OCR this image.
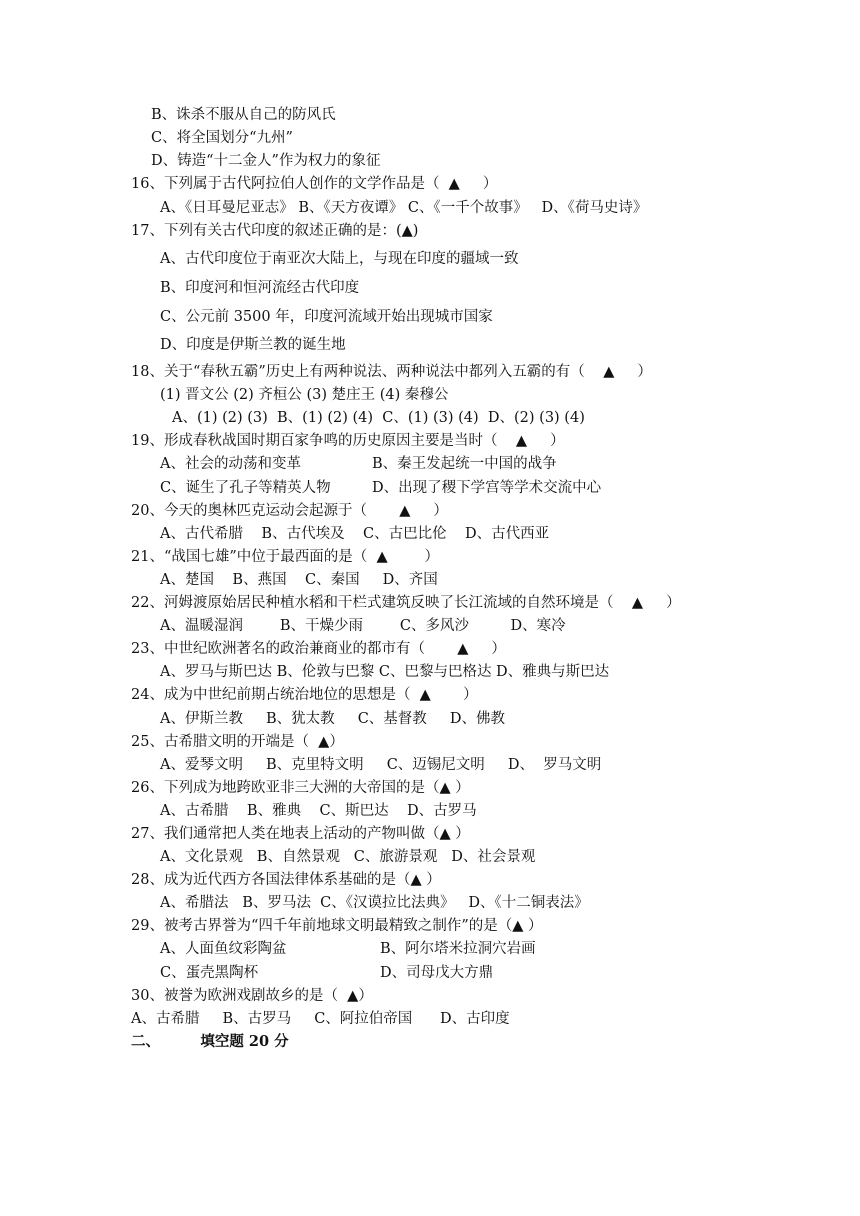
B、诛杀不服从自己的防风氏
C、将全国划分“九州”
D、铸造“十二金人”作为权力的象征
16、下列属于古代阿拉伯人创作的文学作品是（  ▲     ）
A、《日耳曼尼亚志》 B、《天方夜谭》 C、《一千个故事》   D、《荷马史诗》
17、下列有关古代印度的叙述正确的是：(▲)
A、古代印度位于南亚次大陆上，与现在印度的疆域一致
B、印度河和恒河流经古代印度
C、公元前 3500 年，印度河流域开始出现城市国家
D、印度是伊斯兰教的诞生地
18、关于“春秋五霸”历史上有两种说法、两种说法中都列入五霸的有（    ▲     ）
(1) 晋文公 (2) 齐桓公 (3) 楚庄王 (4) 秦穆公
A、(1) (2) (3)  B、(1) (2) (4)  C、(1) (3) (4)  D、(2) (3) (4)
19、形成春秋战国时期百家争鸣的历史原因主要是当时（    ▲     ）
A、社会的动荡和变革	B、秦王发起统一中国的战争
C、诞生了孔子等精英人物	D、出现了稷下学宫等学术交流中心
20、今天的奥林匹克运动会起源于（       ▲     ）
A、古代希腊    B、古代埃及    C、古巴比伦    D、古代西亚
21、“战国七雄”中位于最西面的是（  ▲        ）
A、楚国    B、燕国    C、秦国     D、齐国
22、河姆渡原始居民种植水稻和干栏式建筑反映了长江流域的自然环境是（    ▲     ）
A、温暖湿润        B、干燥少雨        C、多风沙         D、寒冷
23、中世纪欧洲著名的政治兼商业的都市有（       ▲     ）
A、罗马与斯巴达 B、伦敦与巴黎 C、巴黎与巴格达 D、雅典与斯巴达
24、成为中世纪前期占统治地位的思想是（  ▲       ）
A、伊斯兰教     B、犹太教     C、基督教     D、佛教
25、古希腊文明的开端是（  ▲）
A、爱琴文明     B、克里特文明     C、迈锡尼文明     D、  罗马文明
26、下列成为地跨欧亚非三大洲的大帝国的是（▲ ）
A、古希腊    B、雅典    C、斯巴达    D、古罗马
27、我们通常把人类在地表上活动的产物叫做（▲ ）
A、文化景观   B、自然景观   C、旅游景观   D、社会景观
28、成为近代西方各国法律体系基础的是（▲ ）
A、希腊法   B、罗马法  C、《汉谟拉比法典》   D、《十二铜表法》
29、被考古界誉为“四千年前地球文明最精致之制作”的是（▲ ）
A、人面鱼纹彩陶盆	B、阿尔塔米拉洞穴岩画
C、蛋壳黑陶杯	D、司母戊大方鼎
30、被誉为欧洲戏剧故乡的是（  ▲）
A、古希腊     B、古罗马     C、阿拉伯帝国      D、古印度
二、        填空题 20 分
